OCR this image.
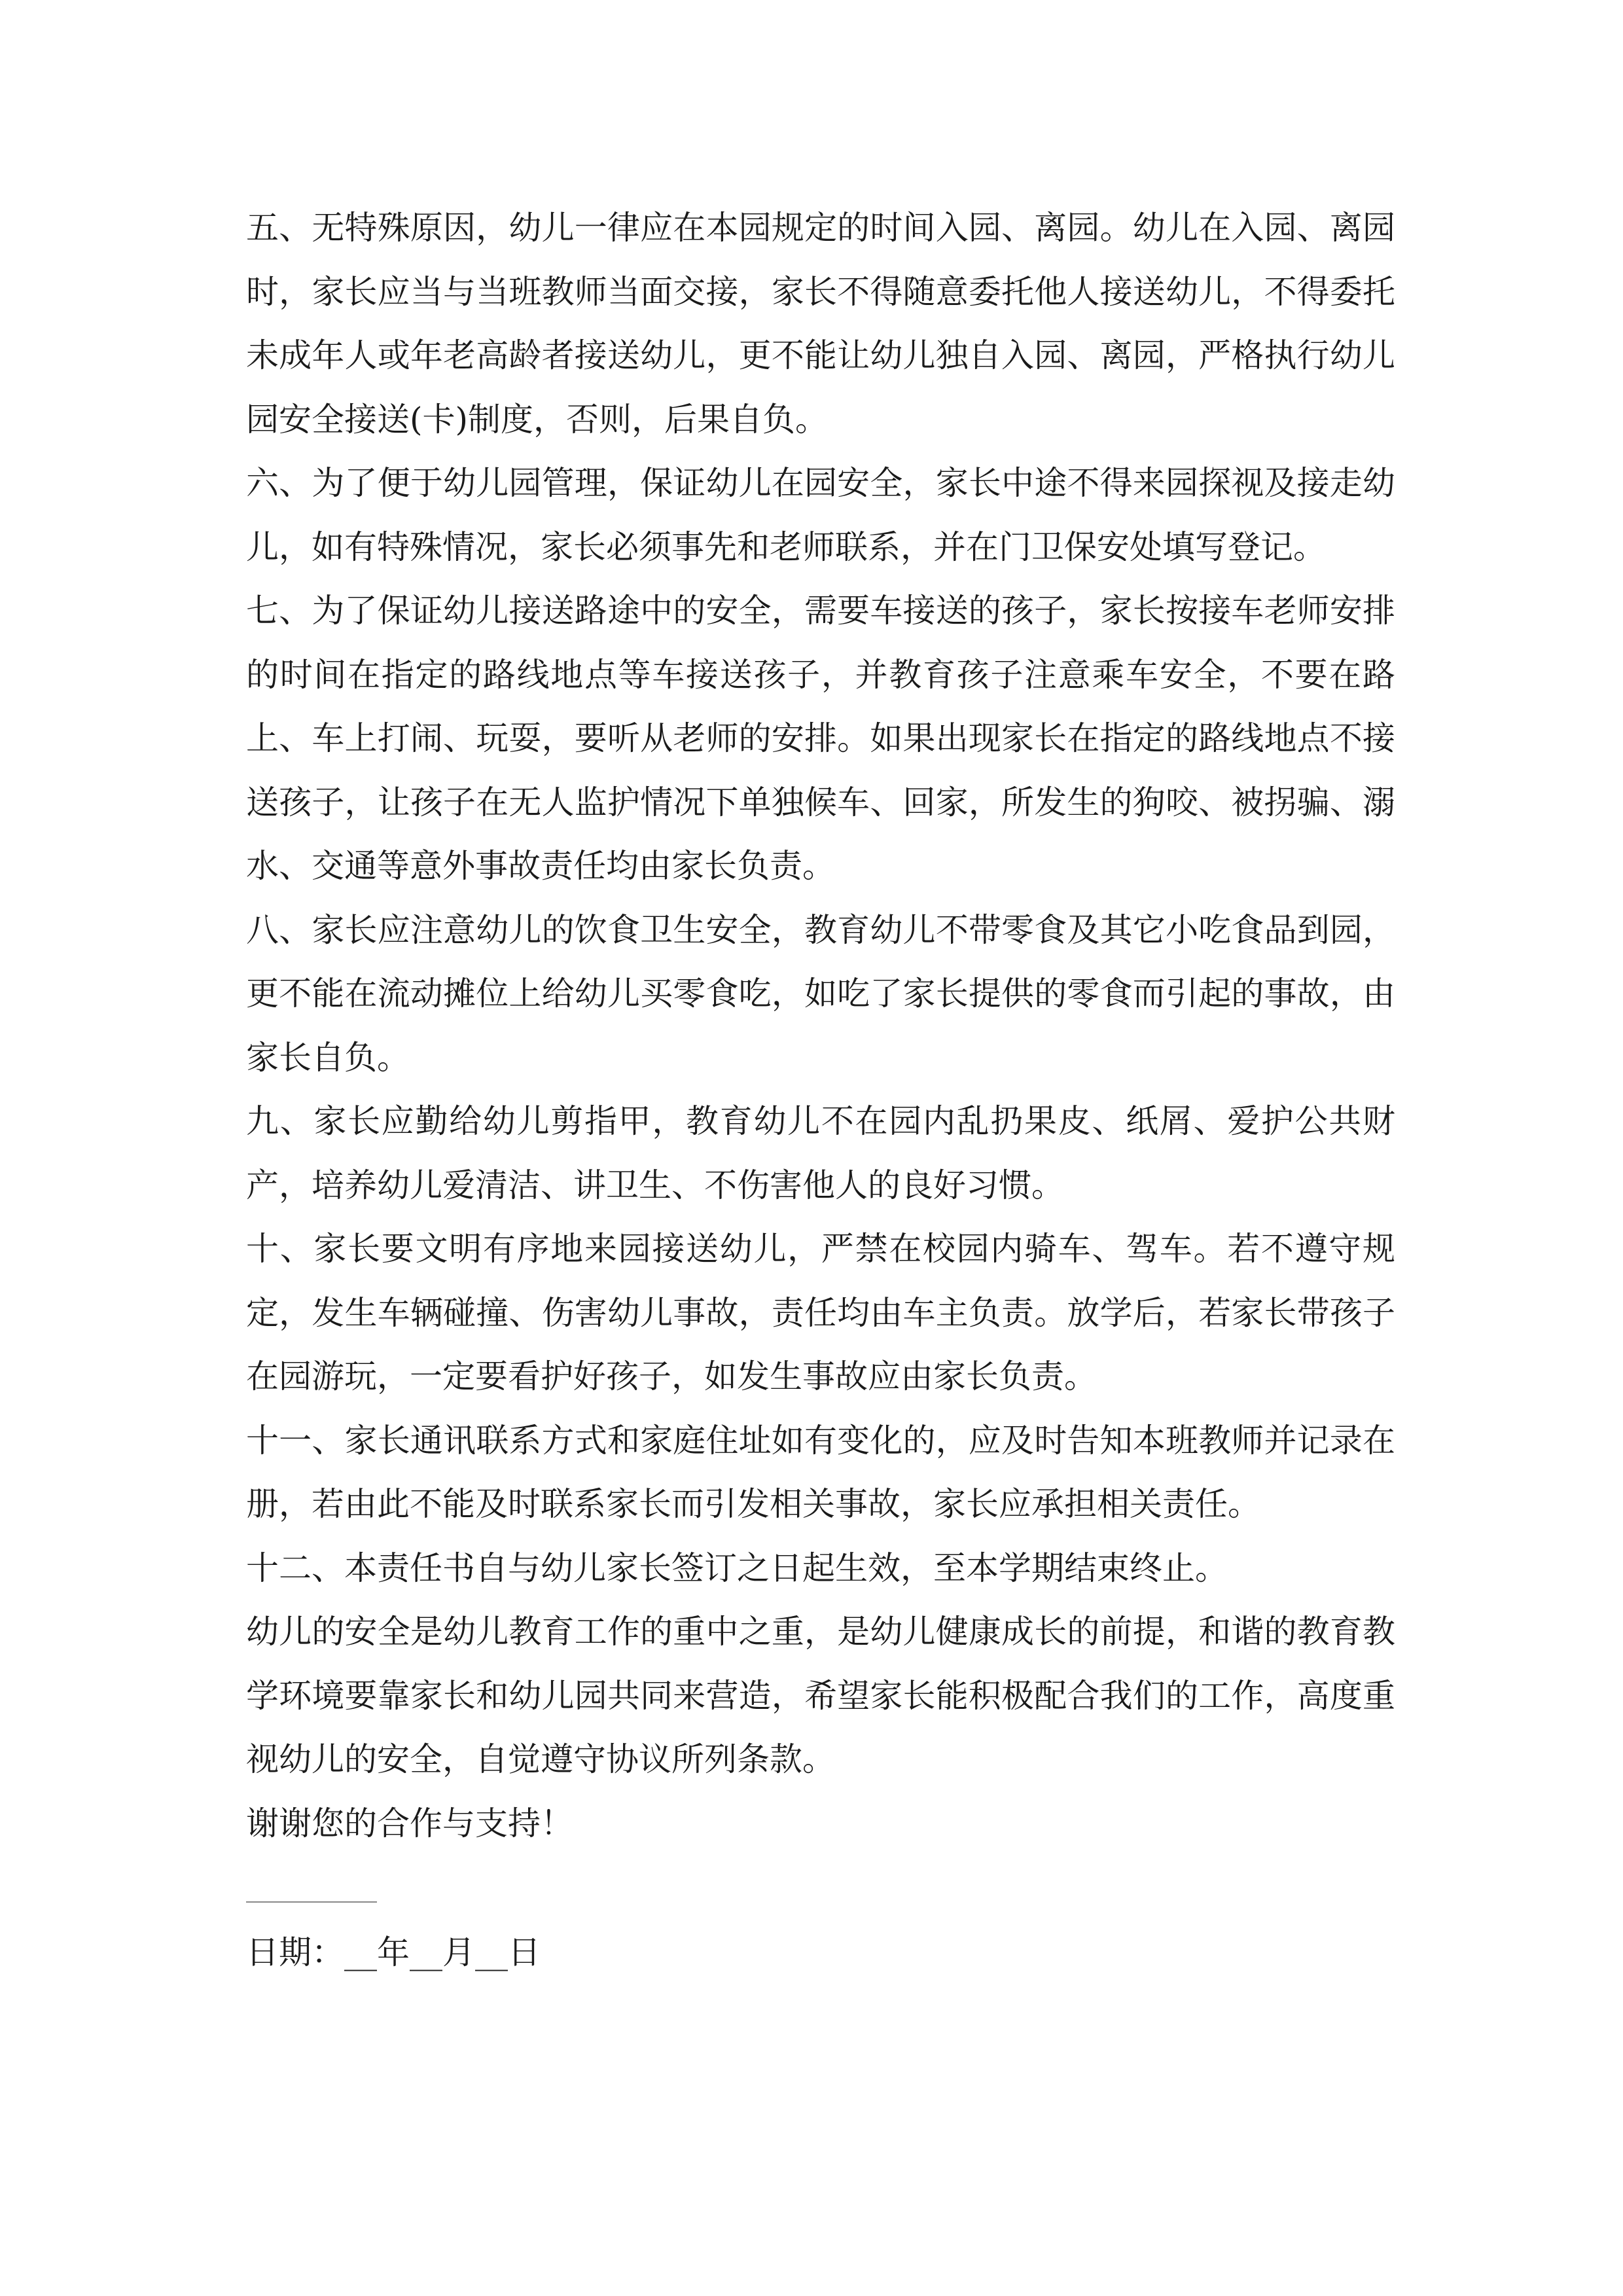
五、无特殊原因，幼儿一律应在本园规定的时间入园、离园。幼儿在入园、离园时，家长应当与当班教师当面交接，家长不得随意委托他人接送幼儿，不得委托未成年人或年老高龄者接送幼儿，更不能让幼儿独自入园、离园，严格执行幼儿园安全接送(卡)制度，否则，后果自负。

六、为了便于幼儿园管理，保证幼儿在园安全，家长中途不得来园探视及接走幼儿，如有特殊情况，家长必须事先和老师联系，并在门卫保安处填写登记。

七、为了保证幼儿接送路途中的安全，需要车接送的孩子，家长按接车老师安排的时间在指定的路线地点等车接送孩子，并教育孩子注意乘车安全，不要在路上、车上打闹、玩耍，要听从老师的安排。如果出现家长在指定的路线地点不接送孩子，让孩子在无人监护情况下单独候车、回家，所发生的狗咬、被拐骗、溺水、交通等意外事故责任均由家长负责。

八、家长应注意幼儿的饮食卫生安全，教育幼儿不带零食及其它小吃食品到园，更不能在流动摊位上给幼儿买零食吃，如吃了家长提供的零食而引起的事故，由家长自负。

九、家长应勤给幼儿剪指甲，教育幼儿不在园内乱扔果皮、纸屑、爱护公共财产，培养幼儿爱清洁、讲卫生、不伤害他人的良好习惯。

十、家长要文明有序地来园接送幼儿，严禁在校园内骑车、驾车。若不遵守规定，发生车辆碰撞、伤害幼儿事故，责任均由车主负责。放学后，若家长带孩子在园游玩，一定要看护好孩子，如发生事故应由家长负责。

十一、家长通讯联系方式和家庭住址如有变化的，应及时告知本班教师并记录在册，若由此不能及时联系家长而引发相关事故，家长应承担相关责任。

十二、本责任书自与幼儿家长签订之日起生效，至本学期结束终止。

幼儿的安全是幼儿教育工作的重中之重，是幼儿健康成长的前提，和谐的教育教学环境要靠家长和幼儿园共同来营造，希望家长能积极配合我们的工作，高度重视幼儿的安全，自觉遵守协议所列条款。

谢谢您的合作与支持！

日期：__年__月__日
